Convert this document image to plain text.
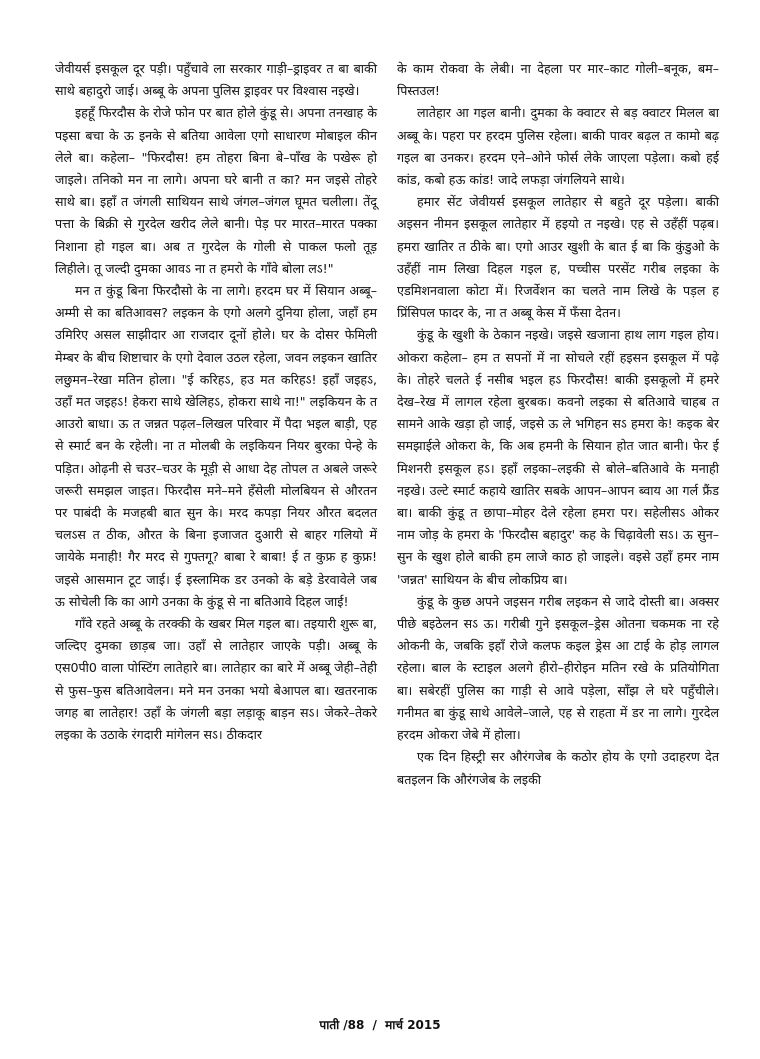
जेवीयर्स इसकूल दूर पड़ी। पहुँचावे ला सरकार गाड़ी–ड्राइवर त बा बाकी साथे बहादुरो जाई। अब्बू के अपना पुलिस ड्राइवर पर विश्वास नइखे।

इहहूँ फिरदौस के रोजे फोन पर बात होले कुंडू से। अपना तनखाह के पइसा बचा के ऊ इनके से बतिया आवेला एगो साधारण मोबाइल कीन लेले बा। कहेला– "फिरदौस! हम तोहरा बिना बे–पाँख के पखेरू हो जाइले। तनिको मन ना लागे। अपना घरे बानी त का? मन जइसे तोहरे साथे बा। इहाँ त जंगली साथियन साथे जंगल–जंगल घूमत चलीला। तेंदू पत्ता के बिक्री से गुरदेल खरीद लेले बानी। पेड़ पर मारत–मारत पक्का निशाना हो गइल बा। अब त गुरदेल के गोली से पाकल फलो तूड़ लिहीले। तू जल्दी दुमका आवऽ ना त हमरो के गाँवे बोला लऽ!"

मन त कुंडू बिना फिरदौसो के ना लागे। हरदम घर में सियान अब्बू–अम्मी से का बतिआवस? लइकन के एगो अलगे दुनिया होला, जहाँ हम उमिरिए असल साझीदार आ राजदार दूनों होले। घर के दोसर फेमिली मेम्बर के बीच शिष्टाचार के एगो देवाल उठल रहेला, जवन लइकन खातिर लछुमन–रेखा मतिन होला। "ई करिहऽ, हउ मत करिहऽ! इहाँ जइहऽ, उहाँ मत जइहऽ! हेकरा साथे खेलिहऽ, होकरा साथे ना!" लइकियन के त आउरो बाधा। ऊ त जन्नत पढ़ल–लिखल परिवार में पैदा भइल बाड़ी, एह से स्मार्ट बन के रहेली। ना त मोलबी के लइकियन नियर बुरका पेन्हे के पड़ित। ओढ़नी से चउर–चउर के मूड़ी से आधा देह तोपल त अबले जरूरे जरूरी समझल जाइत। फिरदौस मने–मने हँसेली मोलबियन से औरतन पर पाबंदी के मजहबी बात सुन के। मरद कपड़ा नियर औरत बदलत चलऽस त ठीक, औरत के बिना इजाजत दुआरी से बाहर गलियो में जायेके मनाही! गैर मरद से गुफ्तगू? बाबा रे बाबा! ई त कुफ्र ह कुफ्र! जइसे आसमान टूट जाई। ई इस्लामिक डर उनको के बड़े डेरवावेले जब ऊ सोचेली कि का आगे उनका के कुंडू से ना बतिआवे दिहल जाई!

गाँवे रहते अब्बू के तरक्की के खबर मिल गइल बा। तइयारी शुरू बा, जल्दिए दुमका छाड़ब जा। उहाँ से लातेहार जाएके पड़ी। अब्बू के एस0पी0 वाला पोस्टिंग लातेहारे बा। लातेहार का बारे में अब्बू जेही–तेही से फुस–फुस बतिआवेलन। मने मन उनका भयो बेआपल बा। खतरनाक जगह बा लातेहार! उहाँ के जंगली बड़ा लड़ाकू बाड़न सऽ। जेकरे–तेकरे लइका के उठाके रंगदारी मांगेलन सऽ। ठीकदार

के काम रोकवा के लेबी। ना देहला पर मार–काट गोली–बनूक, बम–पिस्तउल!

लातेहार आ गइल बानी। दुमका के क्वाटर से बड़ क्वाटर मिलल बा अब्बू के। पहरा पर हरदम पुलिस रहेला। बाकी पावर बढ़ल त कामो बढ़ गइल बा उनकर। हरदम एने–ओने फोर्स लेके जाएला पड़ेला। कबो हई कांड, कबो हऊ कांड! जादे लफड़ा जंगलियने साथे।

हमार सेंट जेवीयर्स इसकूल लातेहार से बहुते दूर पड़ेला। बाकी अइसन नीमन इसकूल लातेहार में हइयो त नइखे। एह से उहँहीं पढ़ब। हमरा खातिर त ठीके बा। एगो आउर खुशी के बात ई बा कि कुंडुओ के उहँहीं नाम लिखा दिहल गइल ह, पच्चीस परसेंट गरीब लइका के एडमिशनवाला कोटा में। रिजर्वेशन का चलते नाम लिखे के पड़ल ह प्रिंसिपल फादर के, ना त अब्बू केस में फँसा देतन।

कुंडू के खुशी के ठेकान नइखे। जइसे खजाना हाथ लाग गइल होय। ओकरा कहेला– हम त सपनों में ना सोचले रहीं हइसन इसकूल में पढ़े के। तोहरे चलते ई नसीब भइल हऽ फिरदौस! बाकी इसकूलो में हमरे देख–रेख में लागल रहेला बुरबक। कवनो लइका से बतिआवे चाहब त सामने आके खड़ा हो जाई, जइसे ऊ ले भगिहन सऽ हमरा के! कइक बेर समझाईले ओकरा के, कि अब हमनी के सियान होत जात बानी। फेर ई मिशनरी इसकूल हऽ। इहाँ लइका–लइकी से बोले–बतिआवे के मनाही नइखे। उल्टे स्मार्ट कहाये खातिर सबके आपन–आपन ब्वाय आ गर्ल फ्रैंड बा। बाकी कुंडू त छापा–मोहर देले रहेला हमरा पर। सहेलीसऽ ओकर नाम जोड़ के हमरा के 'फिरदौस बहादुर' कह के चिढ़ावेली सऽ। ऊ सुन–सुन के खुश होले बाकी हम लाजे काठ हो जाइले। वइसे उहाँ हमर नाम 'जन्नत' साथियन के बीच लोकप्रिय बा।

कुंडू के कुछ अपने जइसन गरीब लइकन से जादे दोस्ती बा। अक्सर पीछे बइठेलन सऽ ऊ। गरीबी गुने इसकूल–ड्रेस ओतना चकमक ना रहे ओकनी के, जबकि इहाँ रोजे कलफ कइल ड्रेस आ टाई के होड़ लागल रहेला। बाल के स्टाइल अलगे हीरो–हीरोइन मतिन रखे के प्रतियोगिता बा। सबेरहीं पुलिस का गाड़ी से आवे पड़ेला, साँझ ले घरे पहुँचीले। गनीमत बा कुंडू साथे आवेले–जाले, एह से राहता में डर ना लागे। गुरदेल हरदम ओकरा जेबे में होला।

एक दिन हिस्ट्री सर औरंगजेब के कठोर होय के एगो उदाहरण देत बतइलन कि औरंगजेब के लइकी

पाती /88 / मार्च 2015
